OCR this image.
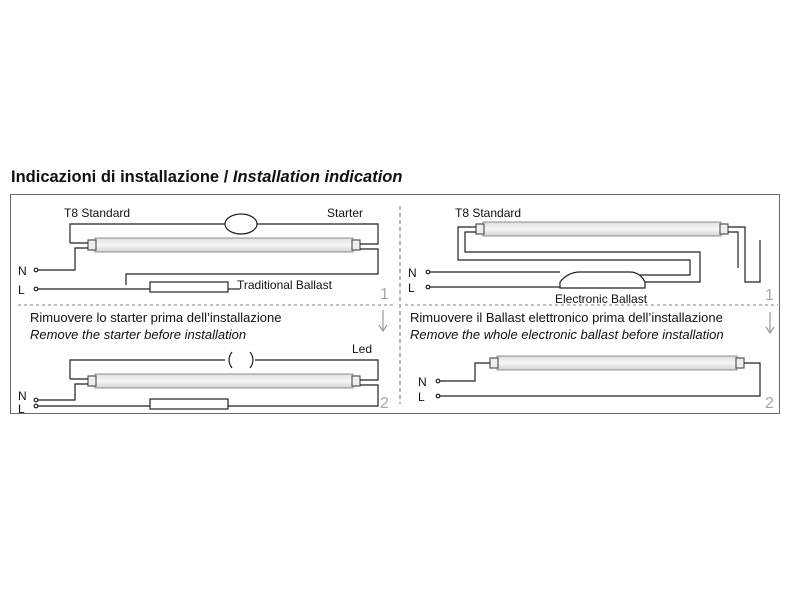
Indicazioni di installazione / Installation indication
T8 Standard	Starter
Traditional Ballast
N
L	1
Rimuovere lo starter prima dell’installazione
Remove the starter before installation
Led
N
L	2
T8 Standard
N
L
Electronic Ballast	1
Rimuovere il Ballast elettronico prima dell’installazione
Remove the whole electronic ballast before installation
N
L	2
